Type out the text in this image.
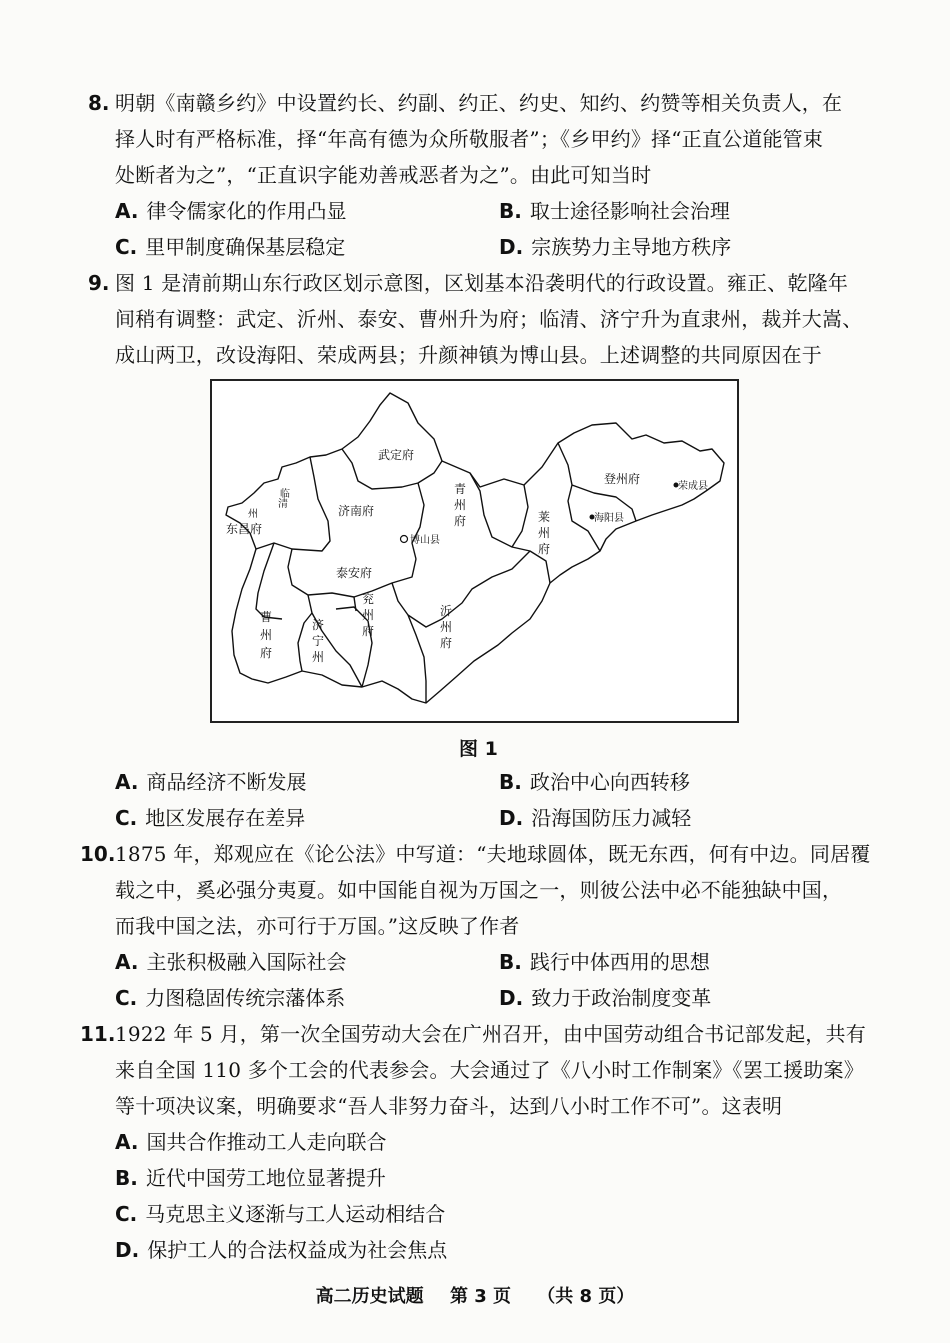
8. 明朝《南赣乡约》中设置约长、约副、约正、约史、知约、约赞等相关负责人，在
择人时有严格标准，择“年高有德为众所敬服者”；《乡甲约》择“正直公道能管束
处断者为之”，“正直识字能劝善戒恶者为之”。由此可知当时
A. 律令儒家化的作用凸显	B. 取士途径影响社会治理
C. 里甲制度确保基层稳定	D. 宗族势力主导地方秩序
9. 图 1 是清前期山东行政区划示意图，区划基本沿袭明代的行政设置。雍正、乾隆年
间稍有调整：武定、沂州、泰安、曹州升为府；临清、济宁升为直隶州，裁并大嵩、
成山两卫，改设海阳、荣成两县；升颜神镇为博山县。上述调整的共同原因在于
武定府
济南府
青
州
府	莱
州
府
登州府
荣成县
海阳县
博山县
泰安府
东昌府
临
州
清
曹
州
府
济
宁
州
兖
州
府
沂
州
府
图 1
A. 商品经济不断发展	B. 政治中心向西转移
C. 地区发展存在差异	D. 沿海国防压力减轻
10. 1875 年，郑观应在《论公法》中写道：“夫地球圆体，既无东西，何有中边。同居覆
载之中，奚必强分夷夏。如中国能自视为万国之一，则彼公法中必不能独缺中国，
而我中国之法，亦可行于万国。”这反映了作者
A. 主张积极融入国际社会	B. 践行中体西用的思想
C. 力图稳固传统宗藩体系	D. 致力于政治制度变革
11. 1922 年 5 月，第一次全国劳动大会在广州召开，由中国劳动组合书记部发起，共有
来自全国 110 多个工会的代表参会。大会通过了《八小时工作制案》《罢工援助案》
等十项决议案，明确要求“吾人非努力奋斗，达到八小时工作不可”。这表明
A. 国共合作推动工人走向联合
B. 近代中国劳工地位显著提升
C. 马克思主义逐渐与工人运动相结合
D. 保护工人的合法权益成为社会焦点
高二历史试题 第 3 页 （共 8 页）
